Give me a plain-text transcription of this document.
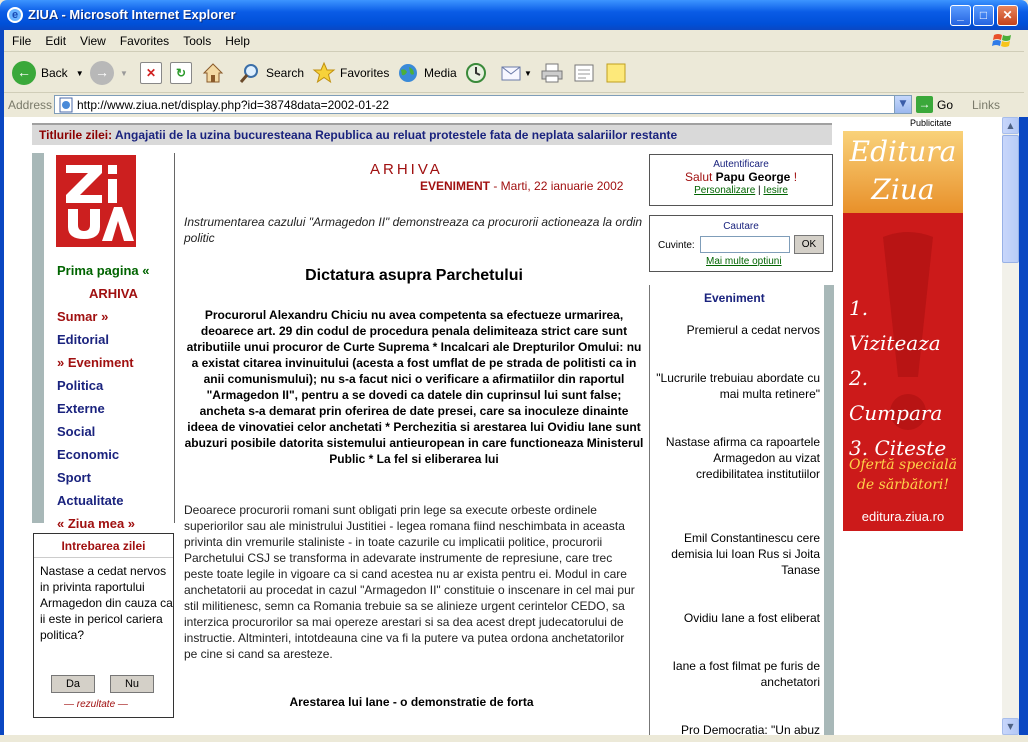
e ZIUA - Microsoft Internet Explorer	_	□	✕
File Edit View Favorites Tools Help
← Back ▼ →	▼	✕	↻	Search	Favorites	Media	▼
Address http://www.ziua.net/display.php?id=38748data=2002-01-22	▼	→ Go Links
Titlurile zilei: Angajatii de la uzina bucuresteana Republica au reluat protestele fata de neplata salariilor restante
Publicitate
Prima pagina «
ARHIVA
Sumar »
Editorial
» Eveniment
Politica
Externe
Social
Economic
Sport
Actualitate
« Ziua mea »
Intrebarea zilei
Nastase a cedat nervos in privinta raportului Armagedon din cauza ca ii este in pericol cariera politica?
Da	Nu
— rezultate —
ARHIVA
EVENIMENT - Marti, 22 ianuarie 2002
Instrumentarea cazului "Armagedon II" demonstreaza ca procurorii actioneaza la ordin politic
Dictatura asupra Parchetului
Procurorul Alexandru Chiciu nu avea competenta sa efectueze urmarirea, deoarece art. 29 din codul de procedura penala delimiteaza strict care sunt atributiile unui procuror de Curte Suprema * Incalcari ale Drepturilor Omului: nu a existat citarea invinuitului (acesta a fost umflat de pe strada de politisti ca in anii comunismului); nu s-a facut nici o verificare a afirmatiilor din raportul "Armagedon II", pentru a se dovedi ca datele din cuprinsul lui sunt false; ancheta s-a demarat prin oferirea de date presei, care sa inoculeze dinainte ideea de vinovatiei celor anchetati * Perchezitia si arestarea lui Ovidiu Iane sunt abuzuri posibile datorita sistemului antieuropean in care functioneaza Ministerul Public * La fel si eliberarea lui
Deoarece procurorii romani sunt obligati prin lege sa execute orbeste ordinele superiorilor sau ale ministrului Justitiei - legea romana fiind neschimbata in aceasta privinta din vremurile staliniste - in toate cazurile cu implicatii politice, procurorii Parchetului CSJ se transforma in adevarate instrumente de represiune, care trec peste toate legile in vigoare ca si cand acestea nu ar exista pentru ei. Modul in care anchetatorii au procedat in cazul "Armagedon II" constituie o inscenare in cel mai pur stil militienesc, semn ca Romania trebuie sa se alinieze urgent cerintelor CEDO, sa interzica procurorilor sa mai opereze arestari si sa dea acest drept judecatorului de instructie. Altminteri, intotdeauna cine va fi la putere va putea ordona anchetatorilor pe cine si cand sa aresteze.
Arestarea lui Iane - o demonstratie de forta
Autentificare
Salut Papu George !
Personalizare | Iesire
Cautare
Cuvinte:	OK
Mai multe optiuni
Eveniment
Premierul a cedat nervos
"Lucrurile trebuiau abordate cu mai multa retinere"
Nastase afirma ca rapoartele Armagedon au vizat credibilitatea institutiilor
Emil Constantinescu cere demisia lui Ioan Rus si Joita Tanase
Ovidiu Iane a fost eliberat
Iane a fost filmat pe furis de anchetatori
Pro Democratia: "Un abuz
Editura
Ziua
1. Viziteaza
2. Cumpara
3. Citeste
Ofertă specială
de sărbători!
editura.ziua.ro
▲
▼
